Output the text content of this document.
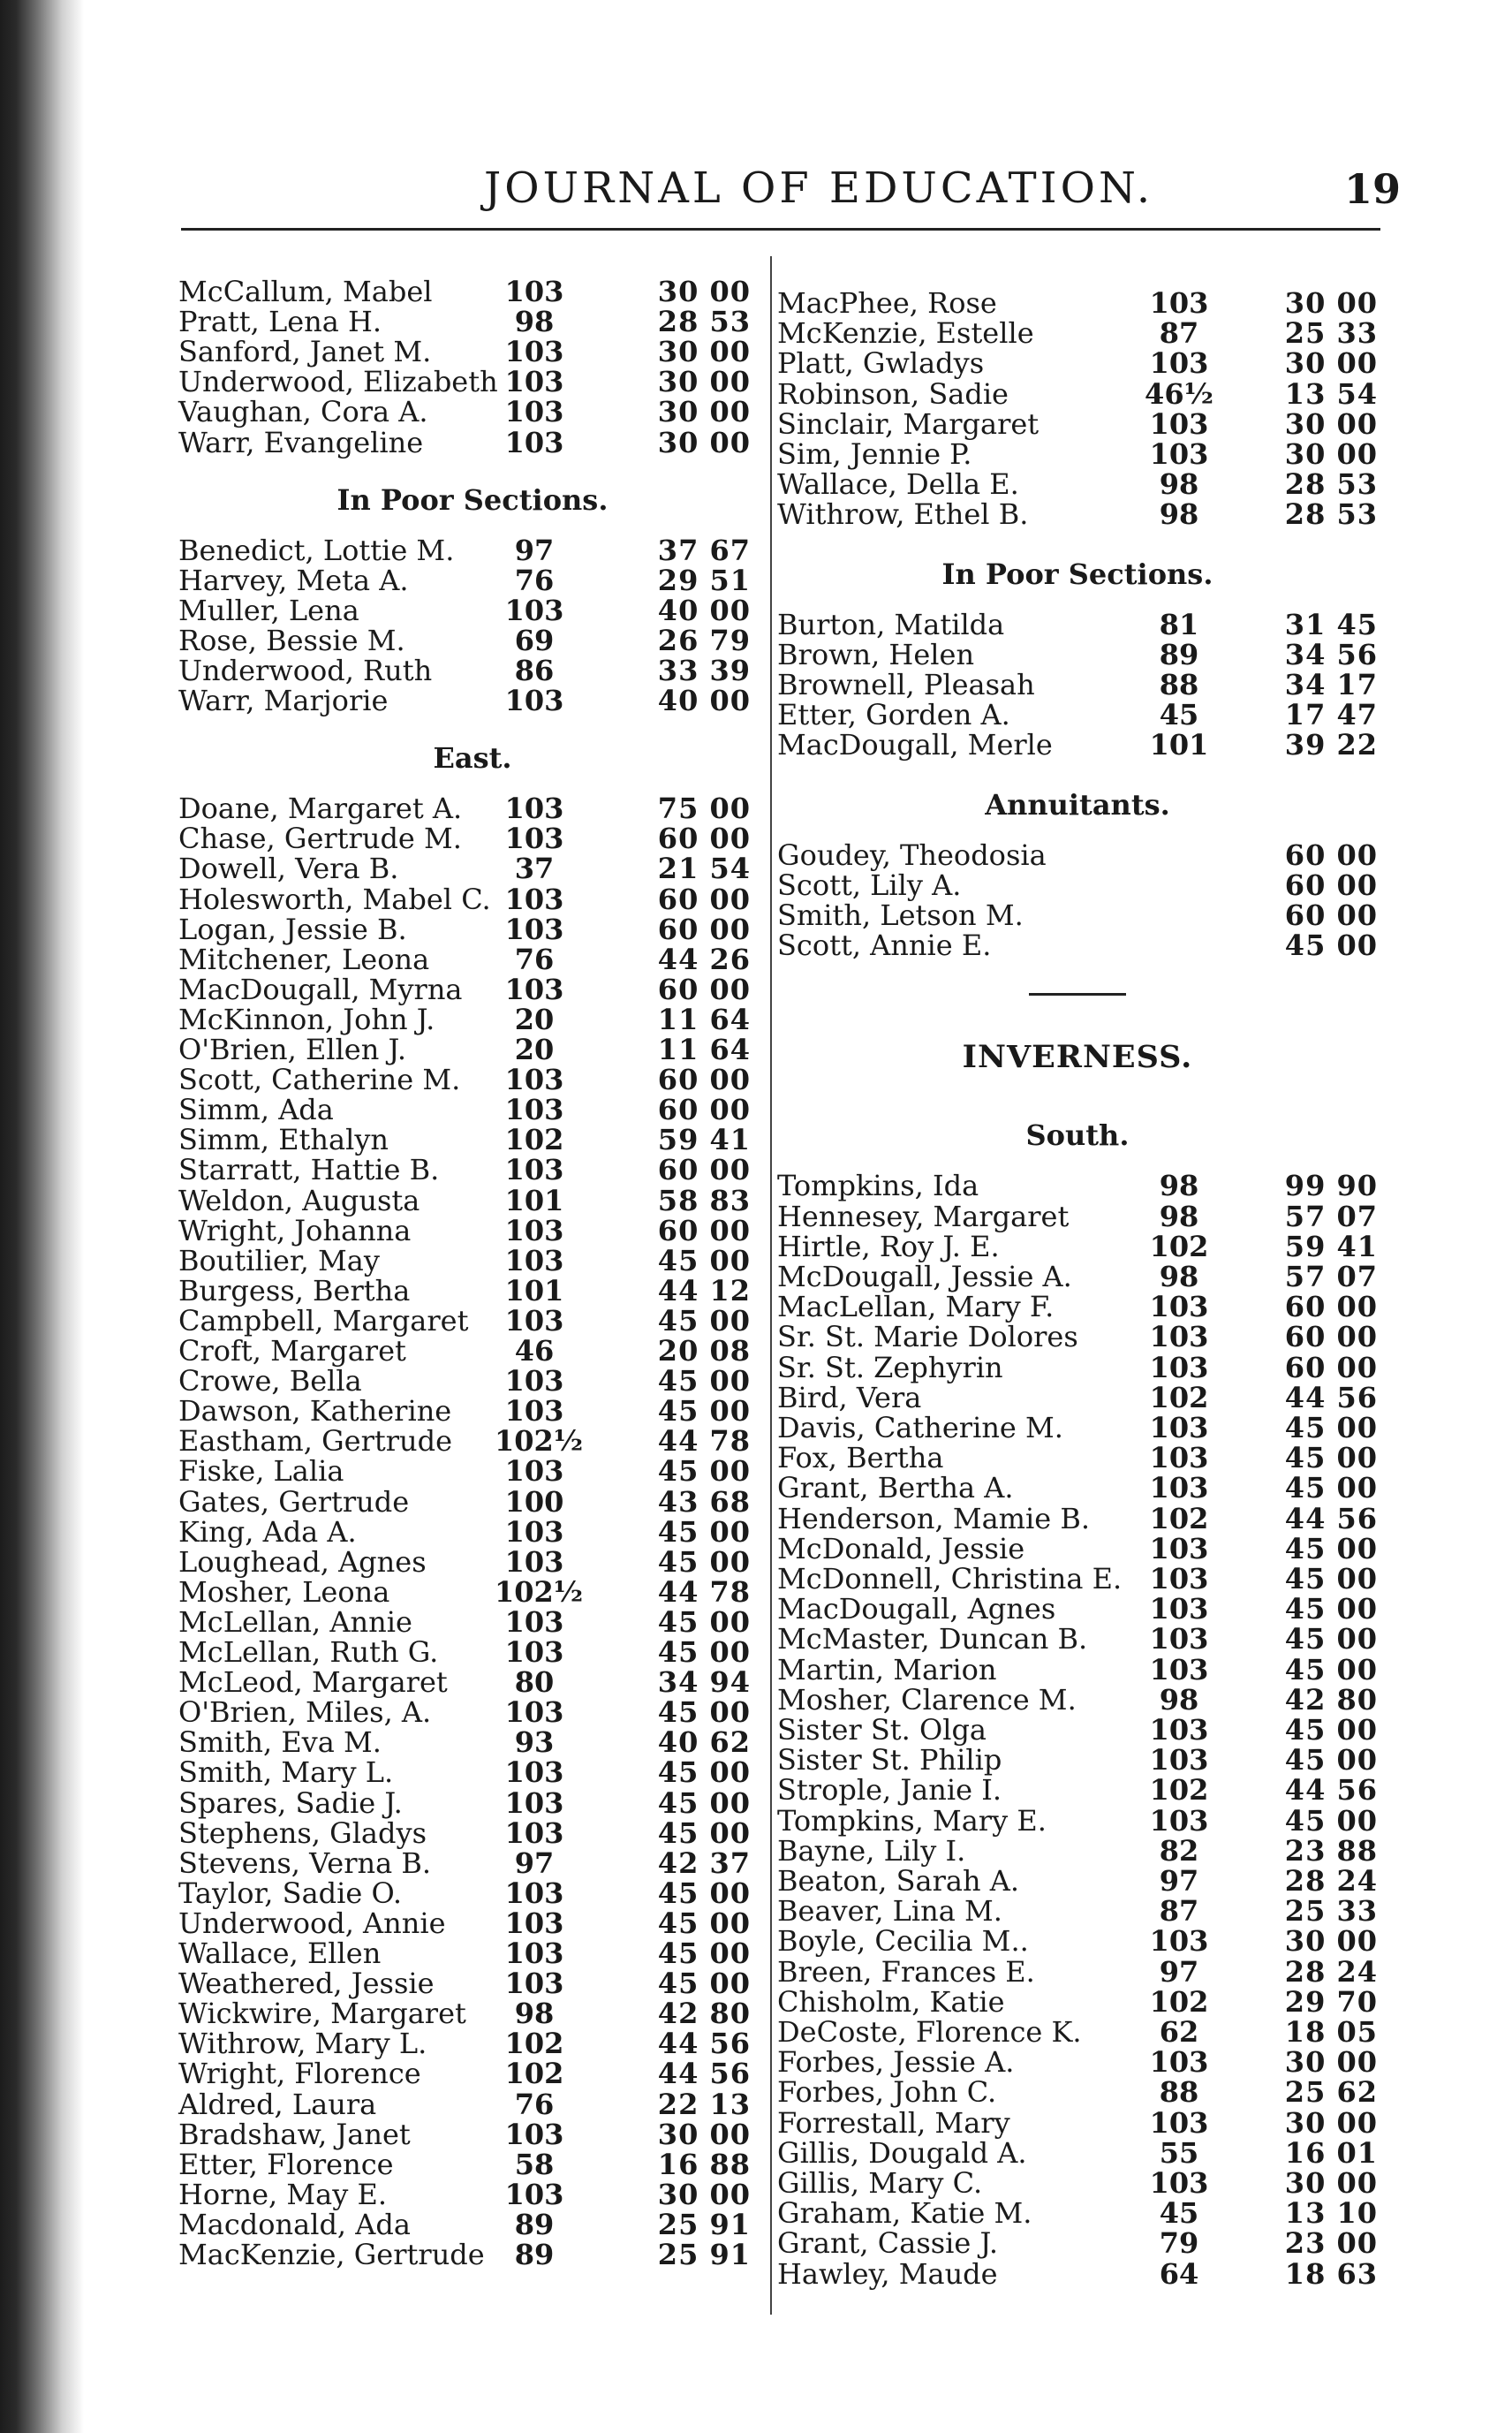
JOURNAL OF EDUCATION.	19
McCallum, Mabel	103	30 00
Pratt, Lena H.	98	28 53
Sanford, Janet M.	103	30 00
Underwood, Elizabeth 103	30 00
Vaughan, Cora A.	103	30 00
Warr, Evangeline	103	30 00
In Poor Sections.
Benedict, Lottie M.	97	37 67
Harvey, Meta A.	76	29 51
Muller, Lena	103	40 00
Rose, Bessie M.	69	26 79
Underwood, Ruth	86	33 39
Warr, Marjorie	103	40 00
East.
Doane, Margaret A.	103	75 00
Chase, Gertrude M.	103	60 00
Dowell, Vera B.	37	21 54
Holesworth, Mabel C. 103	60 00
Logan, Jessie B.	103	60 00
Mitchener, Leona	76	44 26
MacDougall, Myrna	103	60 00
McKinnon, John J.	20	11 64
O'Brien, Ellen J.	20	11 64
Scott, Catherine M.	103	60 00
Simm, Ada	103	60 00
Simm, Ethalyn	102	59 41
Starratt, Hattie B.	103	60 00
Weldon, Augusta	101	58 83
Wright, Johanna	103	60 00
Boutilier, May	103	45 00
Burgess, Bertha	101	44 12
Campbell, Margaret	103	45 00
Croft, Margaret	46	20 08
Crowe, Bella	103	45 00
Dawson, Katherine	103	45 00
Eastham, Gertrude 102½	44 78
Fiske, Lalia	103	45 00
Gates, Gertrude	100	43 68
King, Ada A.	103	45 00
Loughead, Agnes	103	45 00
Mosher, Leona	102½	44 78
McLellan, Annie	103	45 00
McLellan, Ruth G.	103	45 00
McLeod, Margaret	80	34 94
O'Brien, Miles, A.	103	45 00
Smith, Eva M.	93	40 62
Smith, Mary L.	103	45 00
Spares, Sadie J.	103	45 00
Stephens, Gladys	103	45 00
Stevens, Verna B.	97	42 37
Taylor, Sadie O.	103	45 00
Underwood, Annie	103	45 00
Wallace, Ellen	103	45 00
Weathered, Jessie	103	45 00
Wickwire, Margaret	98	42 80
Withrow, Mary L.	102	44 56
Wright, Florence	102	44 56
Aldred, Laura	76	22 13
Bradshaw, Janet	103	30 00
Etter, Florence	58	16 88
Horne, May E.	103	30 00
Macdonald, Ada	89	25 91
MacKenzie, Gertrude	89	25 91
MacPhee, Rose	103	30 00
McKenzie, Estelle	87	25 33
Platt, Gwladys	103	30 00
Robinson, Sadie	46½	13 54
Sinclair, Margaret	103	30 00
Sim, Jennie P.	103	30 00
Wallace, Della E.	98	28 53
Withrow, Ethel B.	98	28 53
In Poor Sections.
Burton, Matilda	81	31 45
Brown, Helen	89	34 56
Brownell, Pleasah	88	34 17
Etter, Gorden A.	45	17 47
MacDougall, Merle	101	39 22
Annuitants.
Goudey, Theodosia	60 00
Scott, Lily A.	60 00
Smith, Letson M.	60 00
Scott, Annie E.	45 00
INVERNESS.
South.
Tompkins, Ida	98	99 90
Hennesey, Margaret	98	57 07
Hirtle, Roy J. E.	102	59 41
McDougall, Jessie A.	98	57 07
MacLellan, Mary F.	103	60 00
Sr. St. Marie Dolores	103	60 00
Sr. St. Zephyrin	103	60 00
Bird, Vera	102	44 56
Davis, Catherine M.	103	45 00
Fox, Bertha	103	45 00
Grant, Bertha A.	103	45 00
Henderson, Mamie B.	102	44 56
McDonald, Jessie	103	45 00
McDonnell, Christina E. 103	45 00
MacDougall, Agnes	103	45 00
McMaster, Duncan B.	103	45 00
Martin, Marion	103	45 00
Mosher, Clarence M.	98	42 80
Sister St. Olga	103	45 00
Sister St. Philip	103	45 00
Strople, Janie I.	102	44 56
Tompkins, Mary E.	103	45 00
Bayne, Lily I.	82	23 88
Beaton, Sarah A.	97	28 24
Beaver, Lina M.	87	25 33
Boyle, Cecilia M..	103	30 00
Breen, Frances E.	97	28 24
Chisholm, Katie	102	29 70
DeCoste, Florence K.	62	18 05
Forbes, Jessie A.	103	30 00
Forbes, John C.	88	25 62
Forrestall, Mary	103	30 00
Gillis, Dougald A.	55	16 01
Gillis, Mary C.	103	30 00
Graham, Katie M.	45	13 10
Grant, Cassie J.	79	23 00
Hawley, Maude	64	18 63
